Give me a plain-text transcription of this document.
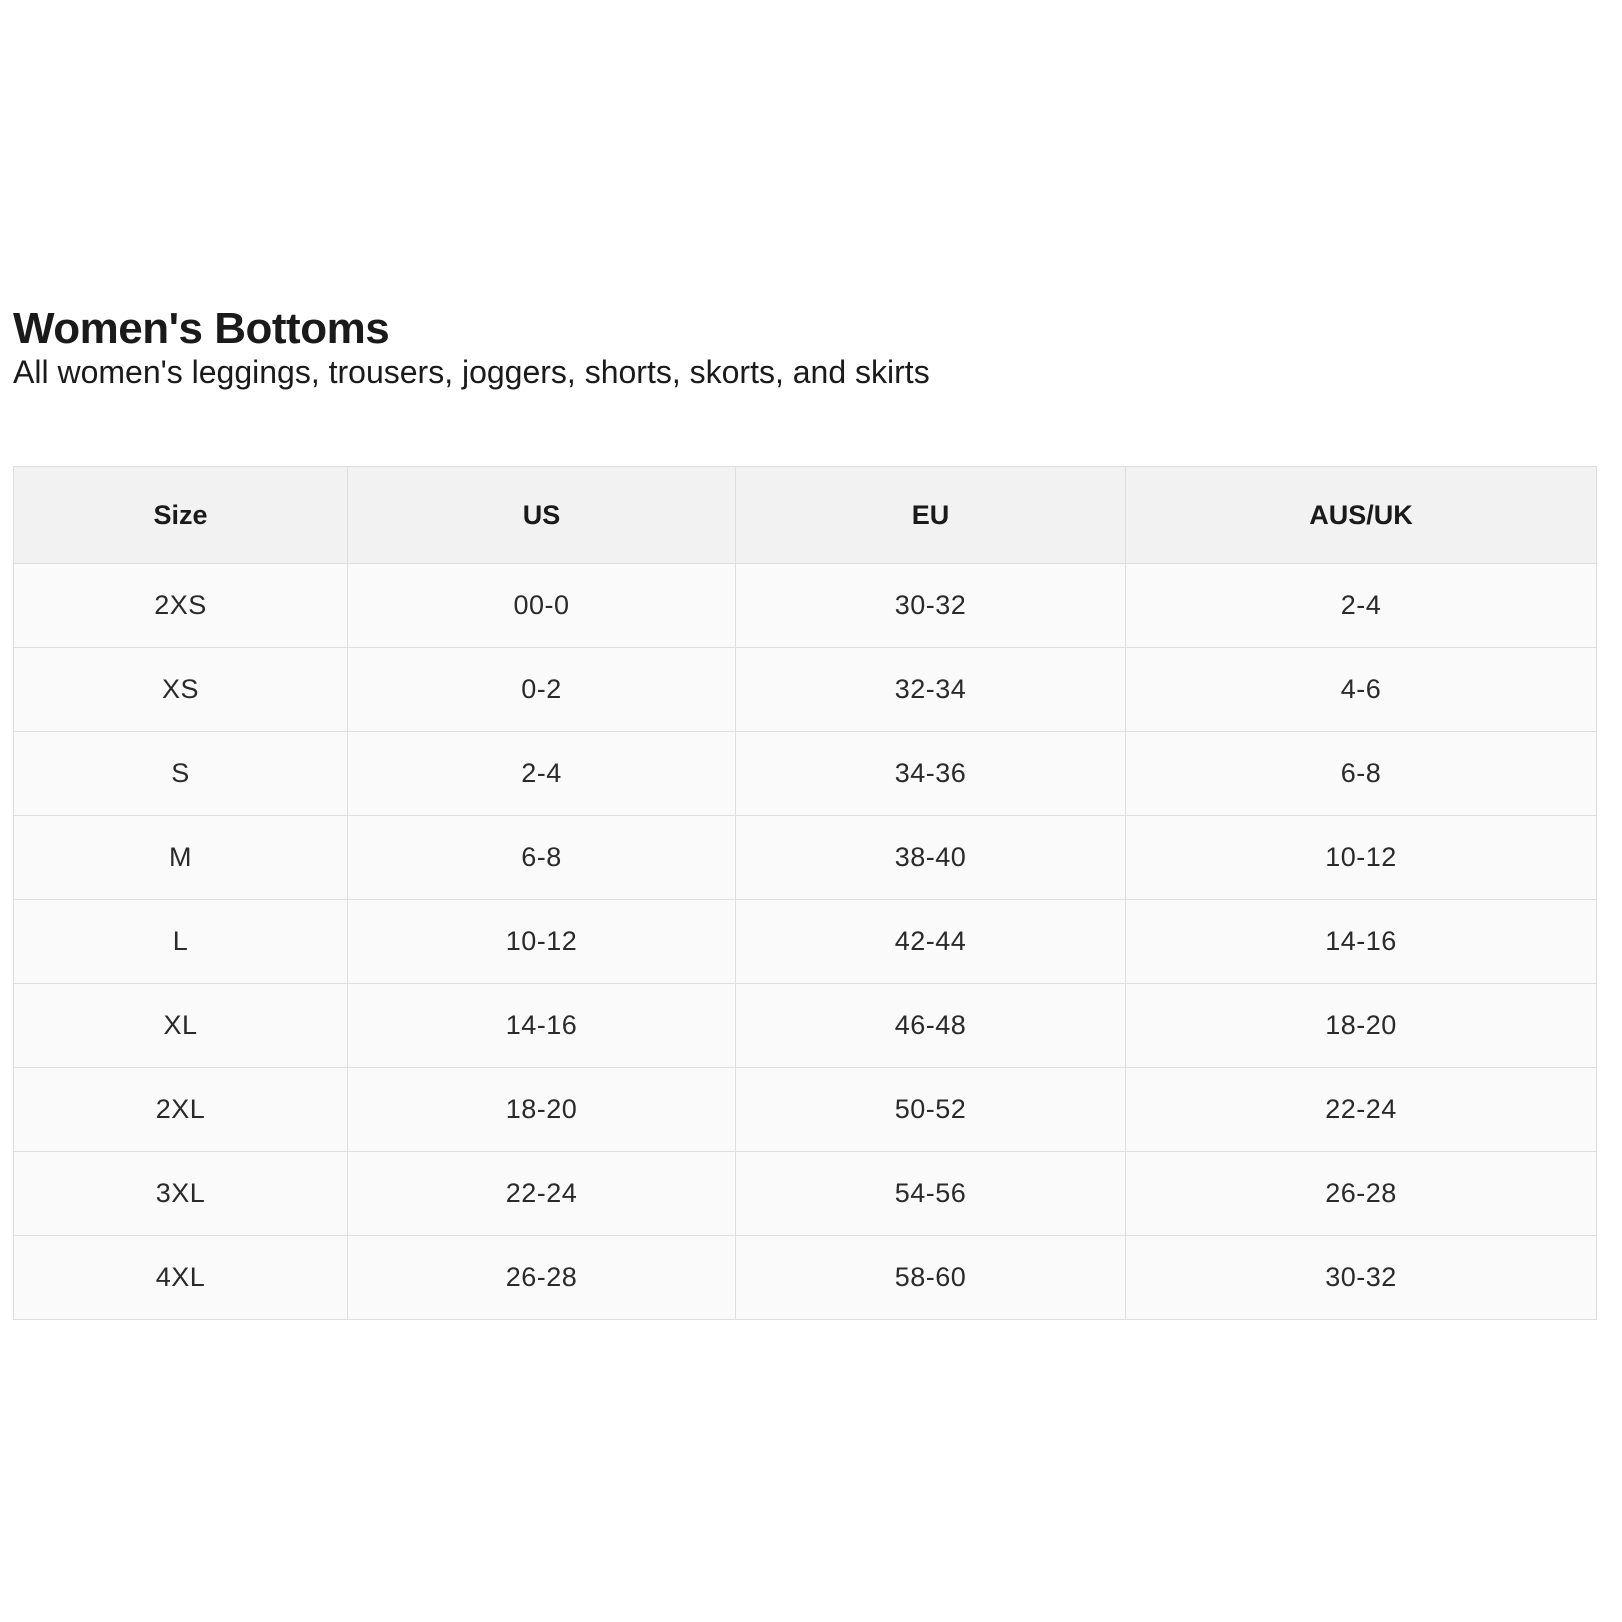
Women's Bottoms

All women's leggings, trousers, joggers, shorts, skorts, and skirts

Size	US	EU	AUS/UK
2XS	00-0	30-32	2-4
XS	0-2	32-34	4-6
S	2-4	34-36	6-8
M	6-8	38-40	10-12
L	10-12	42-44	14-16
XL	14-16	46-48	18-20
2XL	18-20	50-52	22-24
3XL	22-24	54-56	26-28
4XL	26-28	58-60	30-32
